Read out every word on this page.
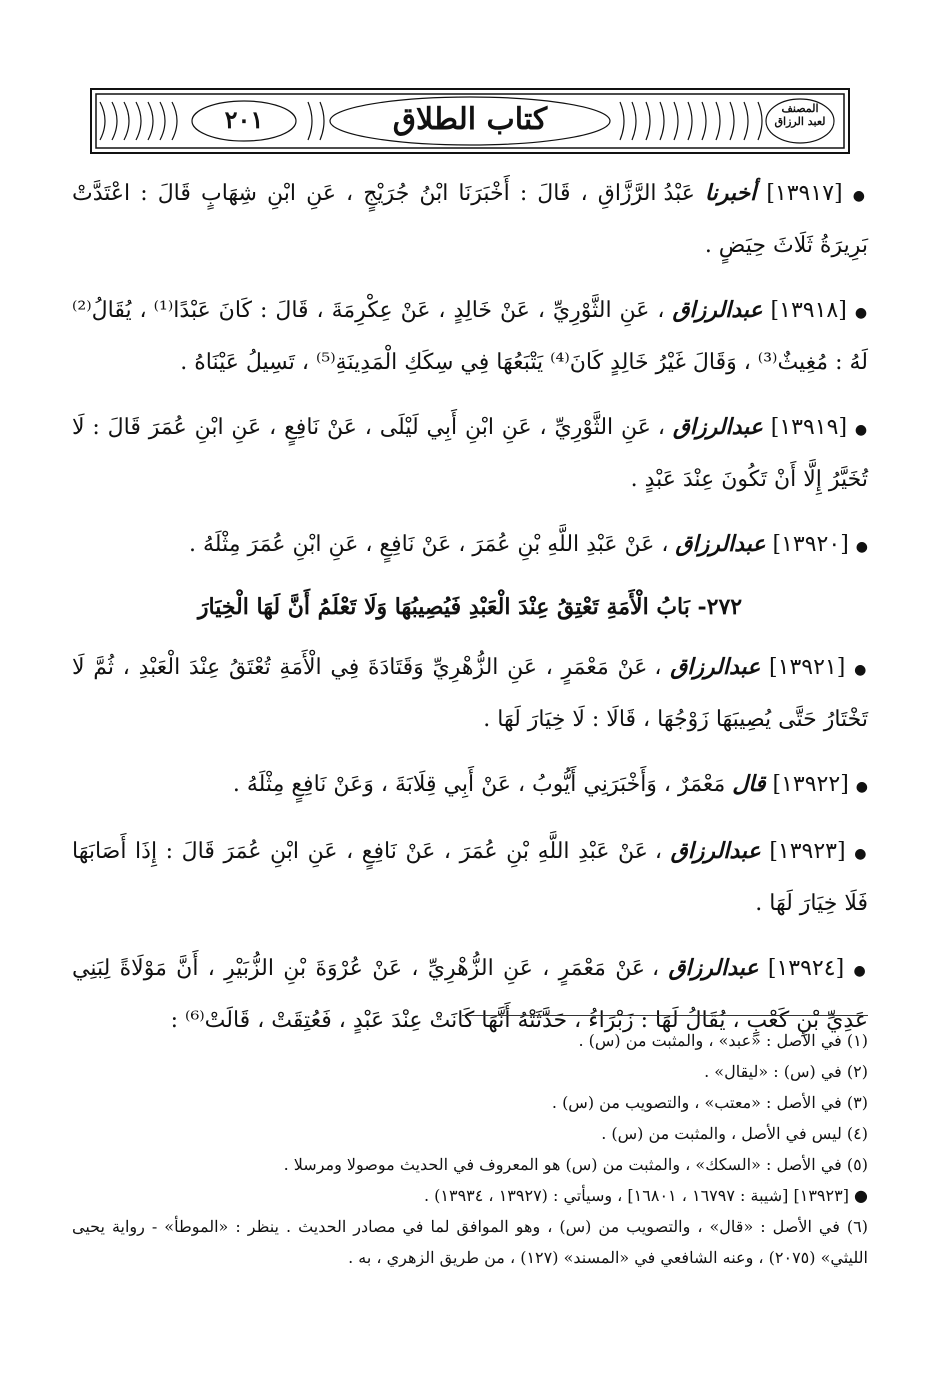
المصنف لعبد الرزاق
كتاب الطلاق
٢٠١

● [١٣٩١٧] أخبرنا عَبْدُ الرَّزَّاقِ ، قَالَ : أَخْبَرَنَا ابْنُ جُرَيْجٍ ، عَنِ ابْنِ شِهَابٍ قَالَ : اعْتَدَّتْ بَرِيرَةُ ثَلَاثَ حِيَضٍ .

● [١٣٩١٨] عبدالرزاق ، عَنِ الثَّوْرِيِّ ، عَنْ خَالِدٍ ، عَنْ عِكْرِمَةَ ، قَالَ : كَانَ عَبْدًا⁽¹⁾ ، يُقَالُ⁽²⁾ لَهُ : مُغِيثٌ⁽³⁾ ، وَقَالَ غَيْرُ خَالِدٍ كَانَ⁽⁴⁾ يَتْبَعُهَا فِي سِكَكِ الْمَدِينَةِ⁽⁵⁾ ، تَسِيلُ عَيْنَاهُ .

● [١٣٩١٩] عبدالرزاق ، عَنِ الثَّوْرِيِّ ، عَنِ ابْنِ أَبِي لَيْلَى ، عَنْ نَافِعٍ ، عَنِ ابْنِ عُمَرَ قَالَ : لَا تُخَيَّرُ إِلَّا أَنْ تَكُونَ عِنْدَ عَبْدٍ .

● [١٣٩٢٠] عبدالرزاق ، عَنْ عَبْدِ اللَّهِ بْنِ عُمَرَ ، عَنْ نَافِعٍ ، عَنِ ابْنِ عُمَرَ مِثْلَهُ .

٢٧٢- بَابُ الْأَمَةِ تَعْتِقُ عِنْدَ الْعَبْدِ فَيُصِيبُهَا وَلَا تَعْلَمُ أَنَّ لَهَا الْخِيَارَ

● [١٣٩٢١] عبدالرزاق ، عَنْ مَعْمَرٍ ، عَنِ الزُّهْرِيِّ وَقَتَادَةَ فِي الْأَمَةِ تُعْتَقُ عِنْدَ الْعَبْدِ ، ثُمَّ لَا تَخْتَارُ حَتَّى يُصِيبَهَا زَوْجُهَا ، قَالَا : لَا خِيَارَ لَهَا .

● [١٣٩٢٢] قال مَعْمَرٌ ، وَأَخْبَرَنِي أَيُّوبُ ، عَنْ أَبِي قِلَابَةَ ، وَعَنْ نَافِعٍ مِثْلَهُ .

● [١٣٩٢٣] عبدالرزاق ، عَنْ عَبْدِ اللَّهِ بْنِ عُمَرَ ، عَنْ نَافِعٍ ، عَنِ ابْنِ عُمَرَ قَالَ : إِذَا أَصَابَهَا فَلَا خِيَارَ لَهَا .

● [١٣٩٢٤] عبدالرزاق ، عَنْ مَعْمَرٍ ، عَنِ الزُّهْرِيِّ ، عَنْ عُرْوَةَ بْنِ الزُّبَيْرِ ، أَنَّ مَوْلَاةً لِبَنِي عَدِيِّ بْنِ كَعْبٍ ، يُقَالُ لَهَا : زَبْرَاءُ ، حَدَّثَتْهُ أَنَّهَا كَانَتْ عِنْدَ عَبْدٍ ، فَعُتِقَتْ ، قَالَتْ⁽⁶⁾ :

(١) في الأصل : «عبد» ، والمثبت من (س) .

(٢) في (س) : «ليقال» .

(٣) في الأصل : «معتب» ، والتصويب من (س) .

(٤) ليس في الأصل ، والمثبت من (س) .

(٥) في الأصل : «السكك» ، والمثبت من (س) هو المعروف في الحديث موصولا ومرسلا .

● [١٣٩٢٣] [شيبة : ١٦٧٩٧ ، ١٦٨٠١] ، وسيأتي : (١٣٩٢٧ ، ١٣٩٣٤) .

(٦) في الأصل : «قال» ، والتصويب من (س) ، وهو الموافق لما في مصادر الحديث . ينظر : «الموطأ» - رواية يحيى الليثي» (٢٠٧٥) ، وعنه الشافعي في «المسند» (١٢٧) ، من طريق الزهري ، به .
